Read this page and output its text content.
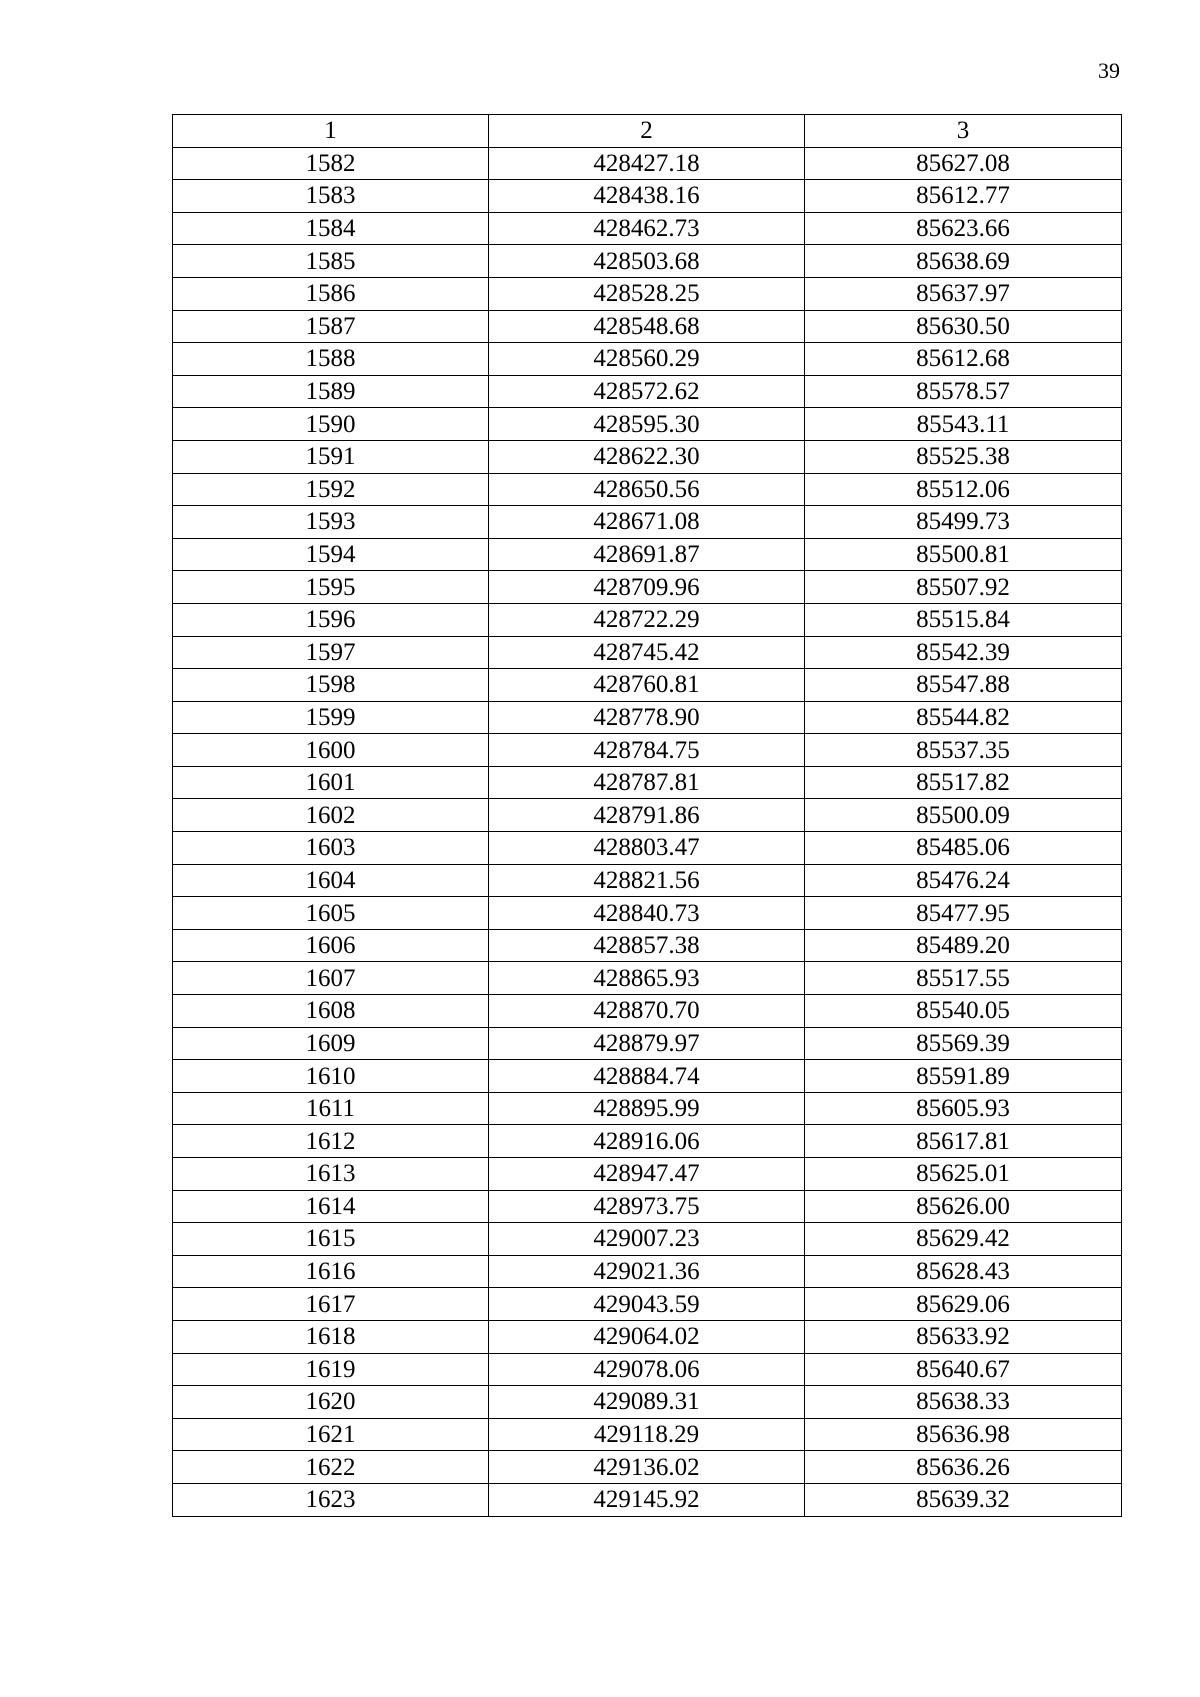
39
1	2	3
1582	428427.18	85627.08
1583	428438.16	85612.77
1584	428462.73	85623.66
1585	428503.68	85638.69
1586	428528.25	85637.97
1587	428548.68	85630.50
1588	428560.29	85612.68
1589	428572.62	85578.57
1590	428595.30	85543.11
1591	428622.30	85525.38
1592	428650.56	85512.06
1593	428671.08	85499.73
1594	428691.87	85500.81
1595	428709.96	85507.92
1596	428722.29	85515.84
1597	428745.42	85542.39
1598	428760.81	85547.88
1599	428778.90	85544.82
1600	428784.75	85537.35
1601	428787.81	85517.82
1602	428791.86	85500.09
1603	428803.47	85485.06
1604	428821.56	85476.24
1605	428840.73	85477.95
1606	428857.38	85489.20
1607	428865.93	85517.55
1608	428870.70	85540.05
1609	428879.97	85569.39
1610	428884.74	85591.89
1611	428895.99	85605.93
1612	428916.06	85617.81
1613	428947.47	85625.01
1614	428973.75	85626.00
1615	429007.23	85629.42
1616	429021.36	85628.43
1617	429043.59	85629.06
1618	429064.02	85633.92
1619	429078.06	85640.67
1620	429089.31	85638.33
1621	429118.29	85636.98
1622	429136.02	85636.26
1623	429145.92	85639.32
